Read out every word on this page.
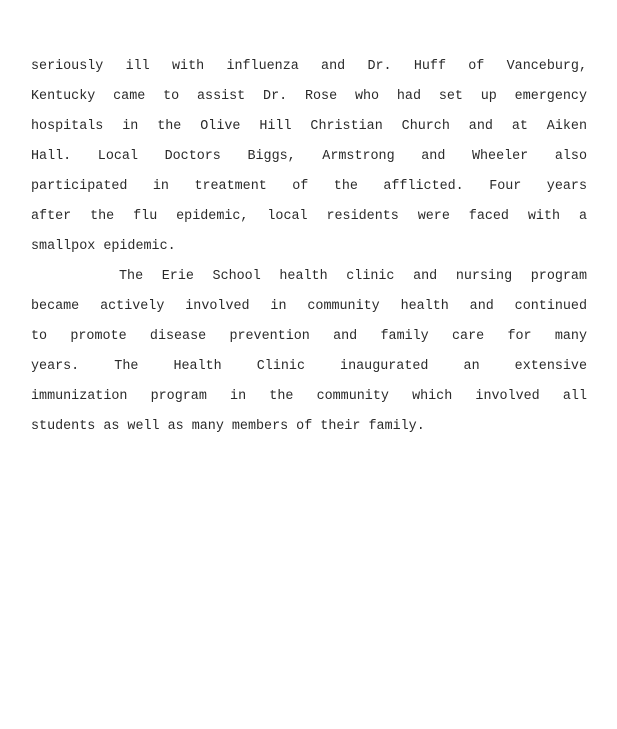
seriously ill with influenza and Dr. Huff of Vanceburg,
Kentucky came to assist Dr. Rose who had set up emergency
hospitals in the Olive Hill Christian Church and at Aiken
Hall. Local Doctors Biggs, Armstrong and Wheeler also
participated in treatment of the afflicted. Four years
after the flu epidemic, local residents were faced with a
smallpox epidemic.
The Erie School health clinic and nursing program
became actively involved in community health and continued
to promote disease prevention and family care for many
years. The Health Clinic inaugurated an extensive
immunization program in the community which involved all
students as well as many members of their family.
